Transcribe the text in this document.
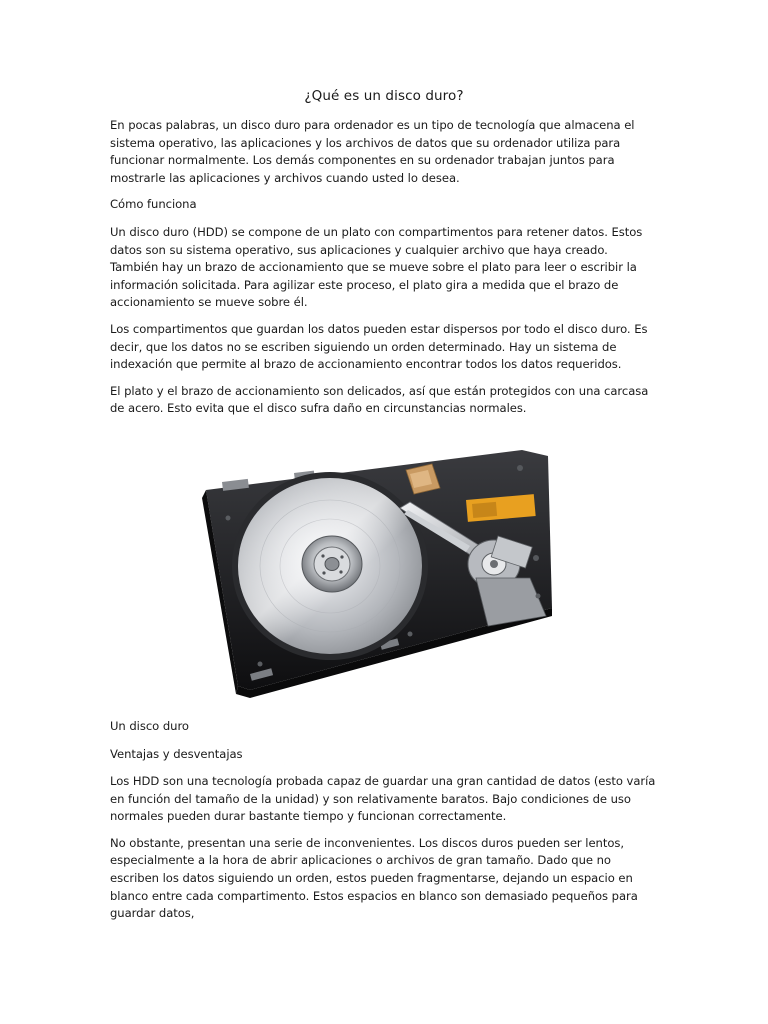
¿Qué es un disco duro?

En pocas palabras, un disco duro para ordenador es un tipo de tecnología que almacena el sistema operativo, las aplicaciones y los archivos de datos que su ordenador utiliza para funcionar normalmente. Los demás componentes en su ordenador trabajan juntos para mostrarle las aplicaciones y archivos cuando usted lo desea.

Cómo funciona

Un disco duro (HDD) se compone de un plato con compartimentos para retener datos. Estos datos son su sistema operativo, sus aplicaciones y cualquier archivo que haya creado. También hay un brazo de accionamiento que se mueve sobre el plato para leer o escribir la información solicitada. Para agilizar este proceso, el plato gira a medida que el brazo de accionamiento se mueve sobre él.

Los compartimentos que guardan los datos pueden estar dispersos por todo el disco duro. Es decir, que los datos no se escriben siguiendo un orden determinado. Hay un sistema de indexación que permite al brazo de accionamiento encontrar todos los datos requeridos.

El plato y el brazo de accionamiento son delicados, así que están protegidos con una carcasa de acero. Esto evita que el disco sufra daño en circunstancias normales.

Un disco duro

Ventajas y desventajas

Los HDD son una tecnología probada capaz de guardar una gran cantidad de datos (esto varía en función del tamaño de la unidad) y son relativamente baratos. Bajo condiciones de uso normales pueden durar bastante tiempo y funcionan correctamente.

No obstante, presentan una serie de inconvenientes. Los discos duros pueden ser lentos, especialmente a la hora de abrir aplicaciones o archivos de gran tamaño. Dado que no escriben los datos siguiendo un orden, estos pueden fragmentarse, dejando un espacio en blanco entre cada compartimento. Estos espacios en blanco son demasiado pequeños para guardar datos,
